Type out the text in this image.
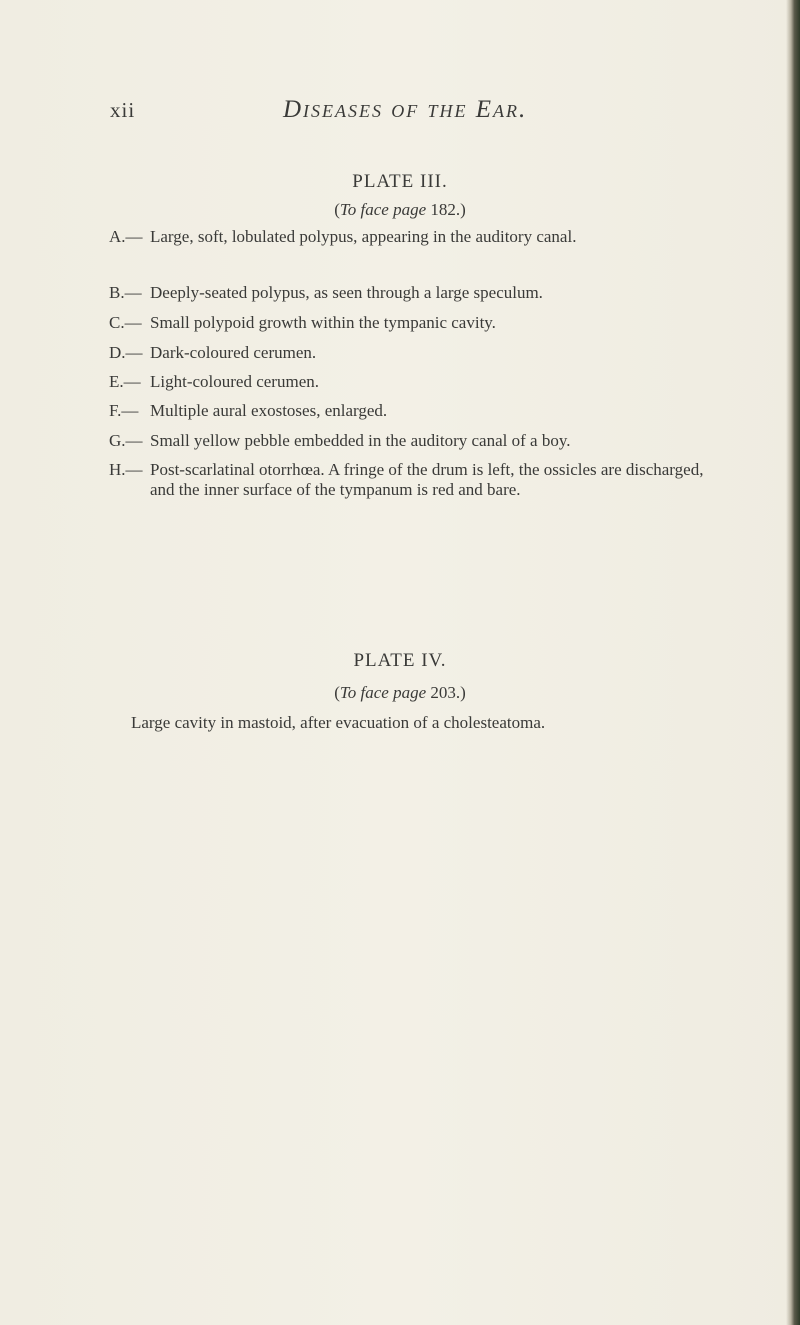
xii	Diseases of the Ear.
PLATE III.
(To face page 182.)
A.— Large, soft, lobulated polypus, appearing in the auditory canal.
B.— Deeply-seated polypus, as seen through a large speculum.
C.— Small polypoid growth within the tympanic cavity.
D.— Dark-coloured cerumen.
E.— Light-coloured cerumen.
F.— Multiple aural exostoses, enlarged.
G.— Small yellow pebble embedded in the auditory canal of a boy.
H.— Post-scarlatinal otorrhœa. A fringe of the drum is left, the ossicles are discharged, and the inner surface of the tympanum is red and bare.
PLATE IV.
(To face page 203.)
Large cavity in mastoid, after evacuation of a cholesteatoma.
